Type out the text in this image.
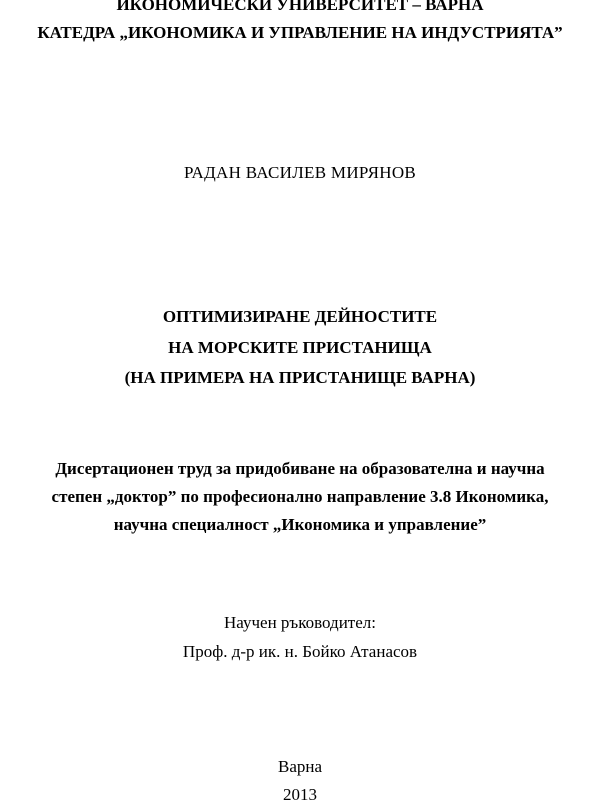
ИКОНОМИЧЕСКИ УНИВЕРСИТЕТ – ВАРНА
КАТЕДРА „ИКОНОМИКА И УПРАВЛЕНИЕ НА ИНДУСТРИЯТА”
РАДАН ВАСИЛЕВ МИРЯНОВ
ОПТИМИЗИРАНЕ ДЕЙНОСТИТЕ
НА МОРСКИТЕ ПРИСТАНИЩА
(НА ПРИМЕРА НА ПРИСТАНИЩЕ ВАРНА)
Дисертационен труд за придобиване на образователна и научна
степен „доктор” по професионално направление 3.8 Икономика,
научна специалност „Икономика и управление”
Научен ръководител:
Проф. д-р ик. н. Бойко Атанасов
Варна
2013
